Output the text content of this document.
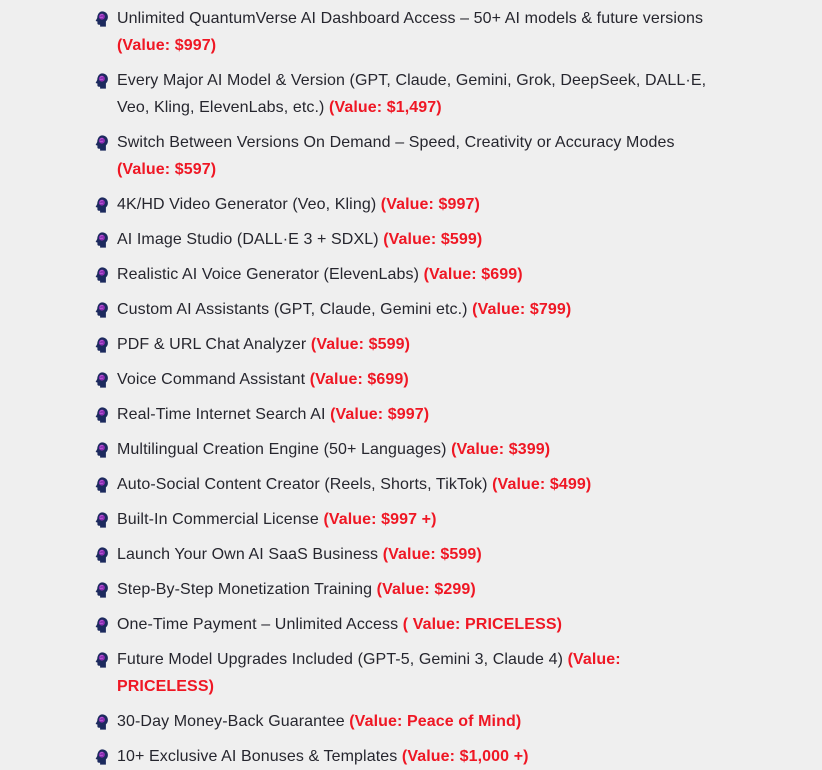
Unlimited QuantumVerse AI Dashboard Access – 50+ AI models & future versions (Value: $997)

Every Major AI Model & Version (GPT, Claude, Gemini, Grok, DeepSeek, DALL·E, Veo, Kling, ElevenLabs, etc.) (Value: $1,497)

Switch Between Versions On Demand – Speed, Creativity or Accuracy Modes (Value: $597)

4K/HD Video Generator (Veo, Kling) (Value: $997)

AI Image Studio (DALL·E 3 + SDXL) (Value: $599)

Realistic AI Voice Generator (ElevenLabs) (Value: $699)

Custom AI Assistants (GPT, Claude, Gemini etc.) (Value: $799)

PDF & URL Chat Analyzer (Value: $599)

Voice Command Assistant (Value: $699)

Real-Time Internet Search AI (Value: $997)

Multilingual Creation Engine (50+ Languages) (Value: $399)

Auto-Social Content Creator (Reels, Shorts, TikTok) (Value: $499)

Built-In Commercial License (Value: $997 +)

Launch Your Own AI SaaS Business (Value: $599)

Step-By-Step Monetization Training (Value: $299)

One-Time Payment – Unlimited Access ( Value: PRICELESS)

Future Model Upgrades Included (GPT-5, Gemini 3, Claude 4) (Value: PRICELESS)

30-Day Money-Back Guarantee (Value: Peace of Mind)

10+ Exclusive AI Bonuses & Templates (Value: $1,000 +)
